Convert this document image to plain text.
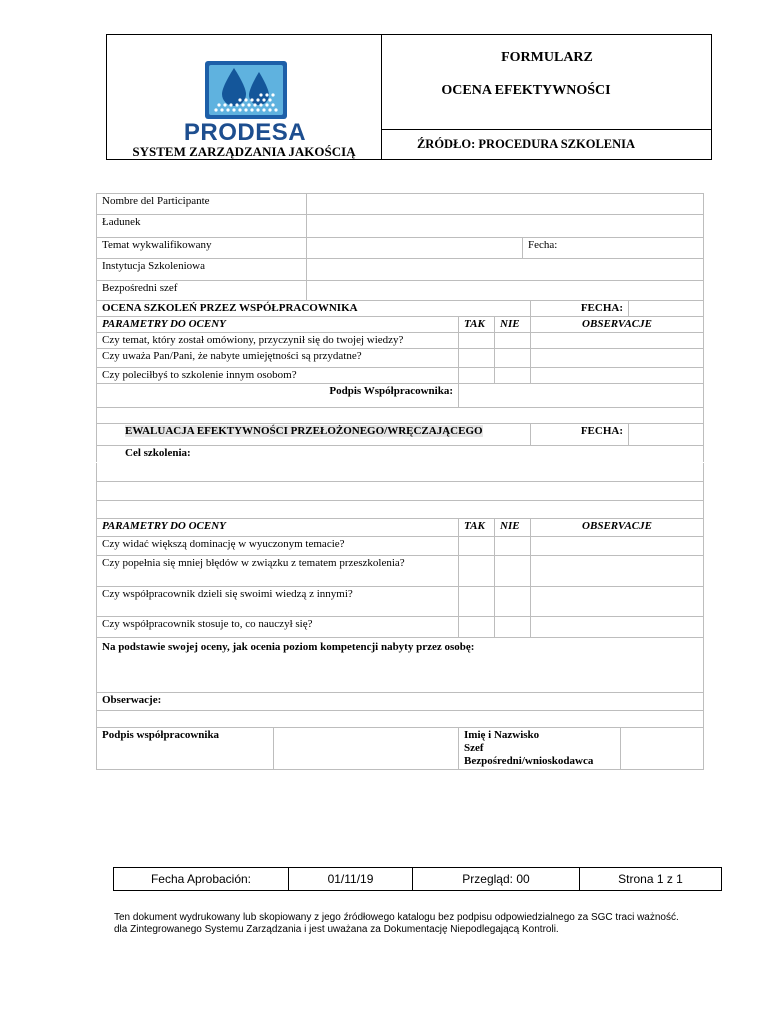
PRODESA
SYSTEM ZARZĄDZANIA JAKOŚCIĄ
FORMULARZ
OCENA EFEKTYWNOŚCI
ŹRÓDŁO: PROCEDURA SZKOLENIA
Nombre del Participante								
Ładunek								
Temat wykwalifikowany					Fecha:			
Instytucja Szkoleniowa								
Bezpośredni szef								
OCENA SZKOLEŃ PRZEZ WSPÓŁPRACOWNIKA						FECHA:		
PARAMETRY DO OCENY			TAK	NIE		OBSERVACJE		
Czy temat, który został omówiony, przyczynił się do twojej wiedzy?								
Czy uważa Pan/Pani, że nabyte umiejętności są przydatne?								
Czy poleciłbyś to szkolenie innym osobom?								
Podpis Współpracownika:								

EWALUACJA EFEKTYWNOŚCI PRZEŁOŻONEGO/WRĘCZAJĄCEGO						FECHA:		
Cel szkolenia:								

PARAMETRY DO OCENY			TAK	NIE		OBSERVACJE		
Czy widać większą dominację w wyuczonym temacie?								
Czy popełnia się mniej błędów w związku z tematem przeszkolenia?								
Czy współpracownik dzieli się swoimi wiedzą z innymi?								
Czy współpracownik stosuje to, co nauczył się?								
Na podstawie swojej oceny, jak ocenia poziom kompetencji nabyty przez osobę:								
Obserwacje:								

Podpis współpracownika			Imię i Nazwisko
Szef
Bezpośredni/wnioskodawca					

Fecha Aprobación:	01/11/19	Przegląd: 00	Strona 1 z 1
Ten dokument wydrukowany lub skopiowany z jego źródłowego katalogu bez podpisu odpowiedzialnego za SGC traci ważność.
dla Zintegrowanego Systemu Zarządzania i jest uważana za Dokumentację Niepodlegającą Kontroli.
